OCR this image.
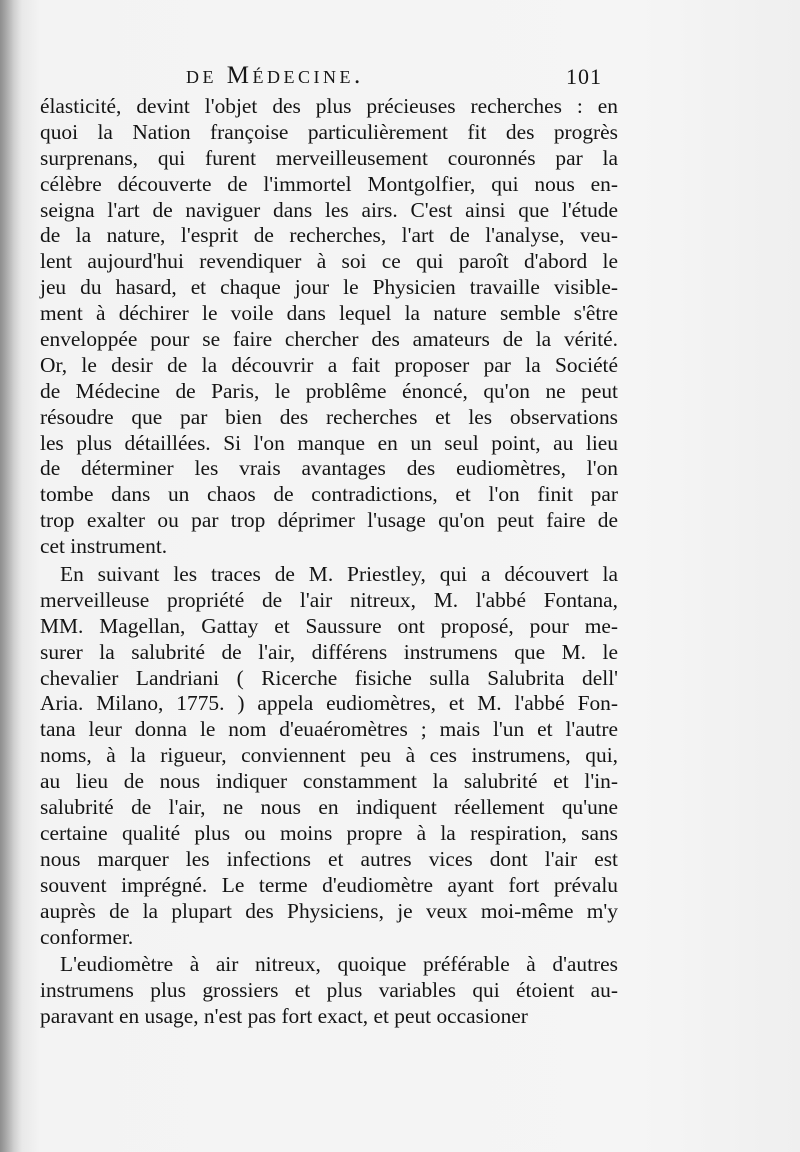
de Médecine.	101
élasticité, devint l'objet des plus précieuses recherches : en
quoi la Nation françoise particulièrement fit des progrès
surprenans, qui furent merveilleusement couronnés par la
célèbre découverte de l'immortel Montgolfier, qui nous en-
seigna l'art de naviguer dans les airs. C'est ainsi que l'étude
de la nature, l'esprit de recherches, l'art de l'analyse, veu-
lent aujourd'hui revendiquer à soi ce qui paroît d'abord le
jeu du hasard, et chaque jour le Physicien travaille visible-
ment à déchirer le voile dans lequel la nature semble s'être
enveloppée pour se faire chercher des amateurs de la vérité.
Or, le desir de la découvrir a fait proposer par la Société
de Médecine de Paris, le problême énoncé, qu'on ne peut
résoudre que par bien des recherches et les observations
les plus détaillées. Si l'on manque en un seul point, au lieu
de déterminer les vrais avantages des eudiomètres, l'on
tombe dans un chaos de contradictions, et l'on finit par
trop exalter ou par trop déprimer l'usage qu'on peut faire de
cet instrument.
En suivant les traces de M. Priestley, qui a découvert la
merveilleuse propriété de l'air nitreux, M. l'abbé Fontana,
MM. Magellan, Gattay et Saussure ont proposé, pour me-
surer la salubrité de l'air, différens instrumens que M. le
chevalier Landriani ( Ricerche fisiche sulla Salubrita dell'
Aria. Milano, 1775. ) appela eudiomètres, et M. l'abbé Fon-
tana leur donna le nom d'euaéromètres ; mais l'un et l'autre
noms, à la rigueur, conviennent peu à ces instrumens, qui,
au lieu de nous indiquer constamment la salubrité et l'in-
salubrité de l'air, ne nous en indiquent réellement qu'une
certaine qualité plus ou moins propre à la respiration, sans
nous marquer les infections et autres vices dont l'air est
souvent imprégné. Le terme d'eudiomètre ayant fort prévalu
auprès de la plupart des Physiciens, je veux moi-même m'y
conformer.
L'eudiomètre à air nitreux, quoique préférable à d'autres
instrumens plus grossiers et plus variables qui étoient au-
paravant en usage, n'est pas fort exact, et peut occasioner
